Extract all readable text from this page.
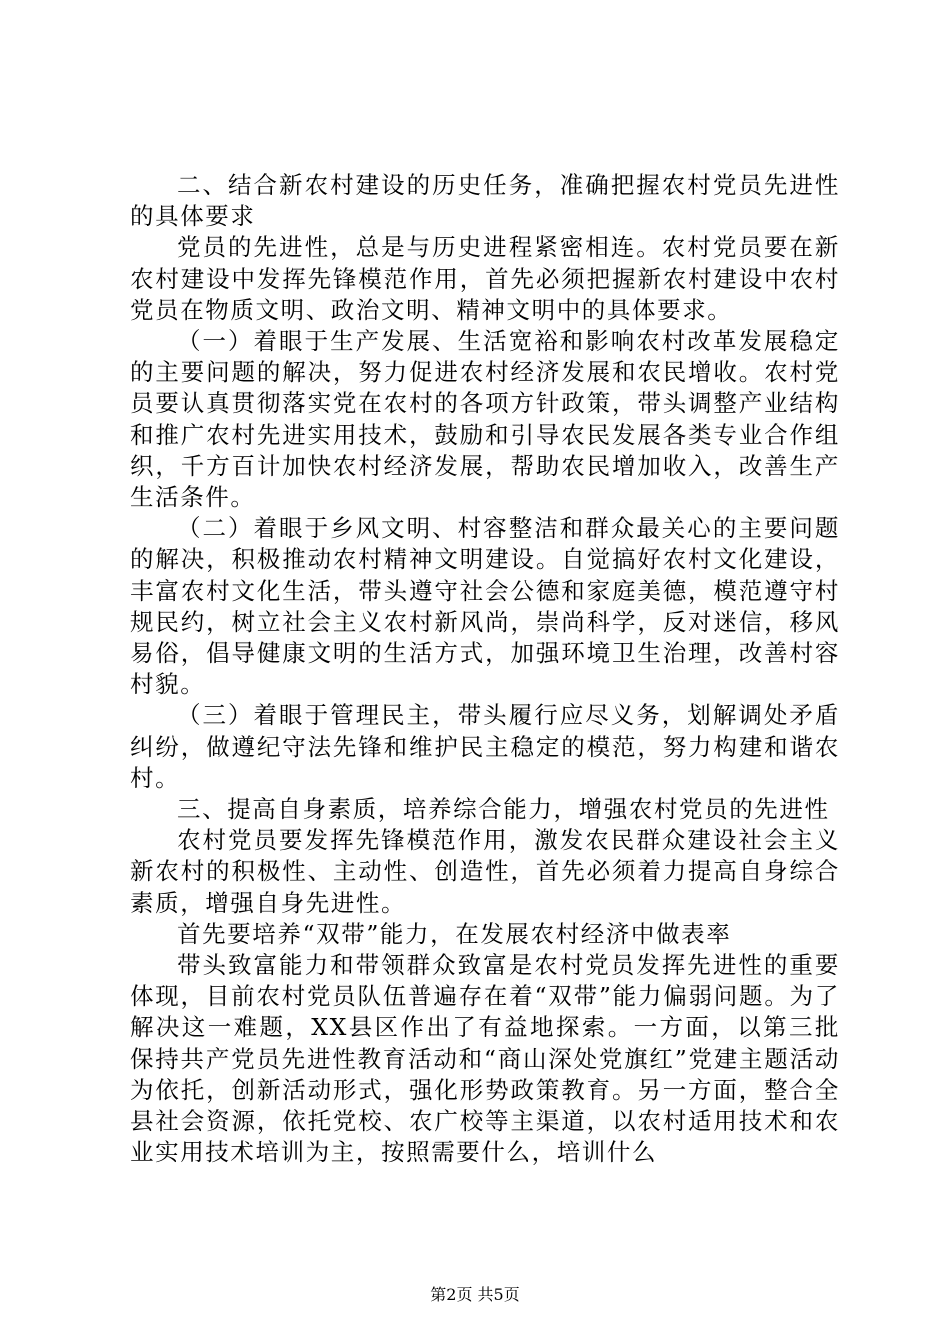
二、结合新农村建设的历史任务，准确把握农村党员先进性的具体要求

党员的先进性，总是与历史进程紧密相连。农村党员要在新农村建设中发挥先锋模范作用，首先必须把握新农村建设中农村党员在物质文明、政治文明、精神文明中的具体要求。

（一）着眼于生产发展、生活宽裕和影响农村改革发展稳定的主要问题的解决，努力促进农村经济发展和农民增收。农村党员要认真贯彻落实党在农村的各项方针政策，带头调整产业结构和推广农村先进实用技术，鼓励和引导农民发展各类专业合作组织，千方百计加快农村经济发展，帮助农民增加收入，改善生产生活条件。

（二）着眼于乡风文明、村容整洁和群众最关心的主要问题的解决，积极推动农村精神文明建设。自觉搞好农村文化建设，丰富农村文化生活，带头遵守社会公德和家庭美德，模范遵守村规民约，树立社会主义农村新风尚，崇尚科学，反对迷信，移风易俗，倡导健康文明的生活方式，加强环境卫生治理，改善村容村貌。

（三）着眼于管理民主，带头履行应尽义务，划解调处矛盾纠纷，做遵纪守法先锋和维护民主稳定的模范，努力构建和谐农村。

三、提高自身素质，培养综合能力，增强农村党员的先进性

农村党员要发挥先锋模范作用，激发农民群众建设社会主义新农村的积极性、主动性、创造性，首先必须着力提高自身综合素质，增强自身先进性。

首先要培养“双带”能力，在发展农村经济中做表率

带头致富能力和带领群众致富是农村党员发挥先进性的重要体现，目前农村党员队伍普遍存在着“双带”能力偏弱问题。为了解决这一难题，XX县区作出了有益地探索。一方面，以第三批保持共产党员先进性教育活动和“商山深处党旗红”党建主题活动为依托，创新活动形式，强化形势政策教育。另一方面，整合全县社会资源，依托党校、农广校等主渠道，以农村适用技术和农业实用技术培训为主，按照需要什么，培训什么

第2页 共5页
